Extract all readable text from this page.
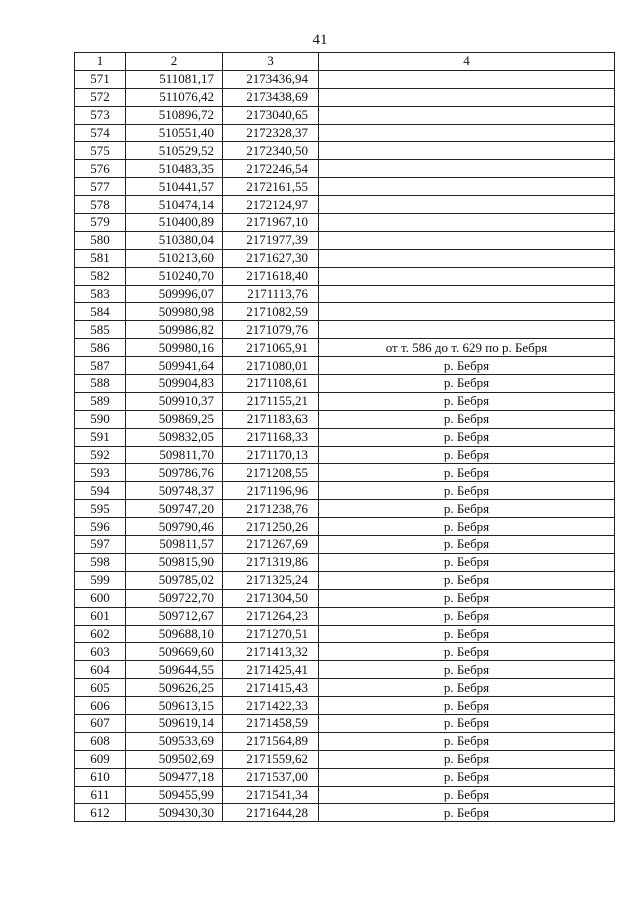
41
1	2	3	4
571	511081,17	2173436,94	
572	511076,42	2173438,69	
573	510896,72	2173040,65	
574	510551,40	2172328,37	
575	510529,52	2172340,50	
576	510483,35	2172246,54	
577	510441,57	2172161,55	
578	510474,14	2172124,97	
579	510400,89	2171967,10	
580	510380,04	2171977,39	
581	510213,60	2171627,30	
582	510240,70	2171618,40	
583	509996,07	2171113,76	
584	509980,98	2171082,59	
585	509986,82	2171079,76	
586	509980,16	2171065,91	от т. 586 до т. 629 по р. Бебря
587	509941,64	2171080,01	р. Бебря
588	509904,83	2171108,61	р. Бебря
589	509910,37	2171155,21	р. Бебря
590	509869,25	2171183,63	р. Бебря
591	509832,05	2171168,33	р. Бебря
592	509811,70	2171170,13	р. Бебря
593	509786,76	2171208,55	р. Бебря
594	509748,37	2171196,96	р. Бебря
595	509747,20	2171238,76	р. Бебря
596	509790,46	2171250,26	р. Бебря
597	509811,57	2171267,69	р. Бебря
598	509815,90	2171319,86	р. Бебря
599	509785,02	2171325,24	р. Бебря
600	509722,70	2171304,50	р. Бебря
601	509712,67	2171264,23	р. Бебря
602	509688,10	2171270,51	р. Бебря
603	509669,60	2171413,32	р. Бебря
604	509644,55	2171425,41	р. Бебря
605	509626,25	2171415,43	р. Бебря
606	509613,15	2171422,33	р. Бебря
607	509619,14	2171458,59	р. Бебря
608	509533,69	2171564,89	р. Бебря
609	509502,69	2171559,62	р. Бебря
610	509477,18	2171537,00	р. Бебря
611	509455,99	2171541,34	р. Бебря
612	509430,30	2171644,28	р. Бебря
